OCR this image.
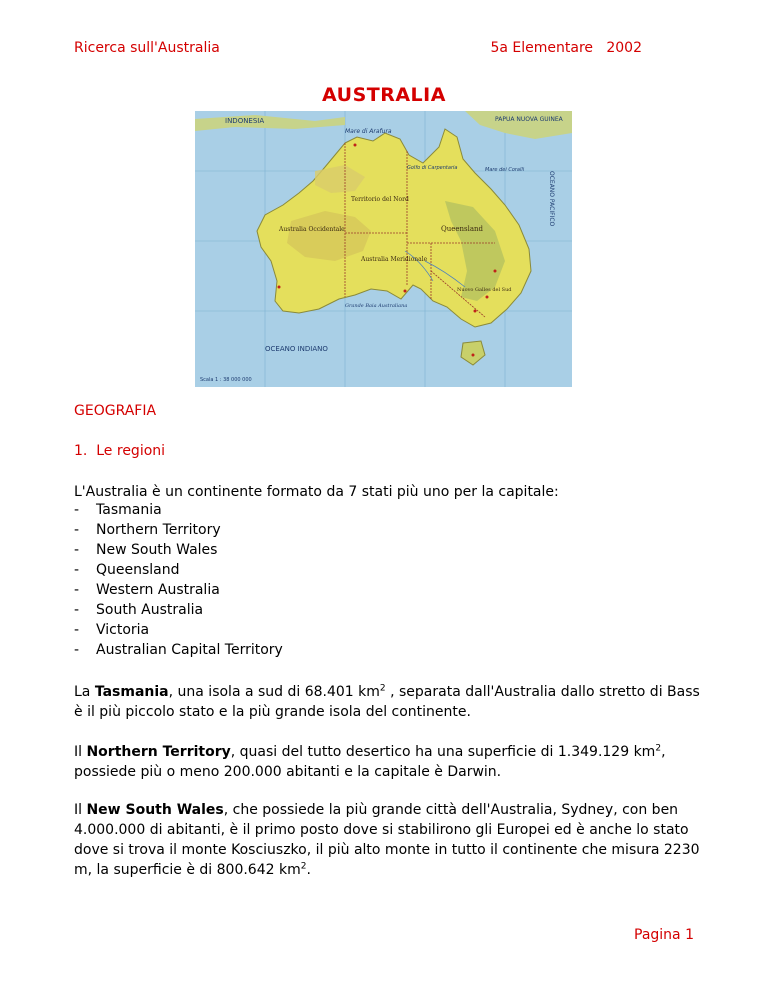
Ricerca sull'Australia	5a Elementare   2002
AUSTRALIA
INDONESIA	PAPUA NUOVA GUINEA
Mare di Arafura
Golfo di Carpentaria	Mare dei Coralli
OCEANO PACIFICO
OCEANO INDIANO
Scala 1 : 38 000 000
Territorio del Nord
Queensland
Australia Occidentale
Australia Meridionale
Nuovo Galles del Sud
Grande Baia Australiana
GEOGRAFIA
1.  Le regioni
L'Australia è un continente formato da 7 stati più uno per la capitale:
-	Tasmania
-	Northern Territory
-	New South Wales
-	Queensland
-	Western Australia
-	South Australia
-	Victoria
-	Australian Capital Territory
La Tasmania, una isola a sud di 68.401 $km^2$ , separata dall'Australia dallo stretto di Bass è il più piccolo stato e la più grande isola del continente.
Il Northern Territory, quasi del tutto desertico ha una superficie di 1.349.129 $km^2$, possiede più o meno 200.000 abitanti e la capitale è Darwin.
Il New South Wales, che possiede la più grande città dell'Australia, Sydney, con ben 4.000.000 di abitanti, è il primo posto dove si stabilirono gli Europei ed è anche lo stato dove si trova il monte Kosciuszko, il più alto monte in tutto il continente che misura 2230 m, la superficie è di 800.642 $km^2$.
Pagina 1
